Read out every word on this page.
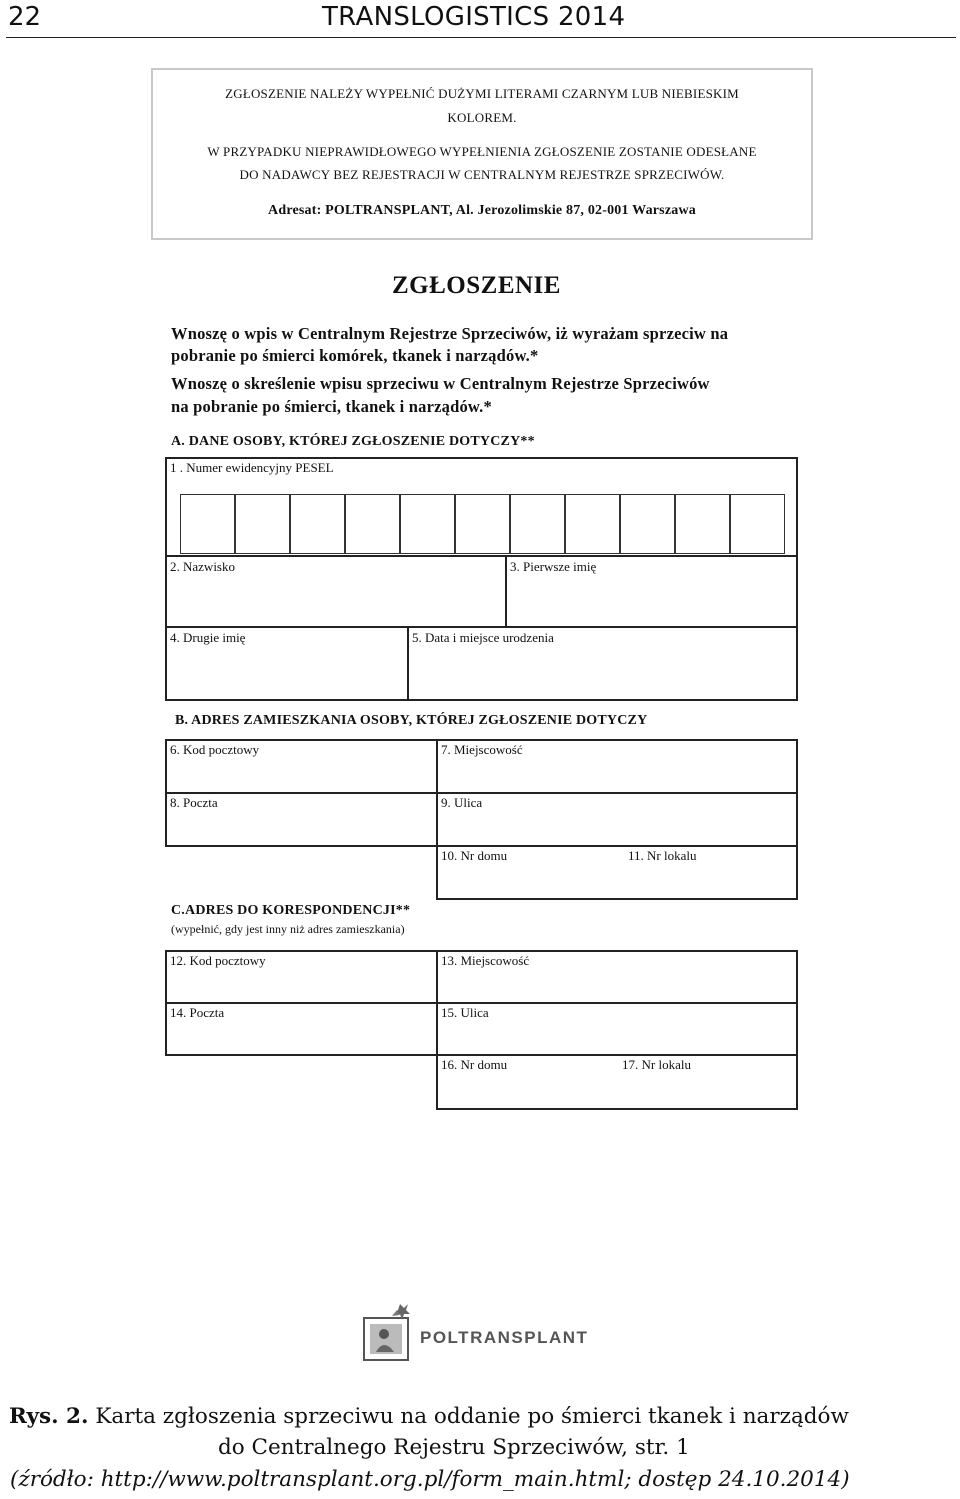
22	TRANSLOGISTICS 2014
ZGŁOSZENIE NALEŻY WYPEŁNIĆ DUŻYMI LITERAMI CZARNYM LUB NIEBIESKIM
KOLOREM.
W PRZYPADKU NIEPRAWIDŁOWEGO WYPEŁNIENIA ZGŁOSZENIE ZOSTANIE ODESŁANE
DO NADAWCY BEZ REJESTRACJI W CENTRALNYM REJESTRZE SPRZECIWÓW.
Adresat: POLTRANSPLANT, Al. Jerozolimskie 87, 02-001 Warszawa
ZGŁOSZENIE
Wnoszę o wpis w Centralnym Rejestrze Sprzeciwów, iż wyrażam sprzeciw na
pobranie po śmierci komórek, tkanek i narządów.*
Wnoszę o skreślenie wpisu sprzeciwu w Centralnym Rejestrze Sprzeciwów
na pobranie po śmierci, tkanek i narządów.*
A. DANE OSOBY, KTÓREJ ZGŁOSZENIE DOTYCZY**
1 . Numer ewidencyjny PESEL
2. Nazwisko	3. Pierwsze imię
4. Drugie imię	5. Data i miejsce urodzenia
B. ADRES ZAMIESZKANIA OSOBY, KTÓREJ ZGŁOSZENIE DOTYCZY
6. Kod pocztowy	7. Miejscowość
8. Poczta	9. Ulica
10. Nr domu	11. Nr lokalu
C.ADRES DO KORESPONDENCJI**
(wypełnić, gdy jest inny niż adres zamieszkania)
12. Kod pocztowy	13. Miejscowość
14. Poczta	15. Ulica
16. Nr domu	17. Nr lokalu
POLTRANSPLANT
Rys. 2. Karta zgłoszenia sprzeciwu na oddanie po śmierci tkanek i narządów
do Centralnego Rejestru Sprzeciwów, str. 1
(źródło: http://www.poltransplant.org.pl/form_main.html; dostęp 24.10.2014)
